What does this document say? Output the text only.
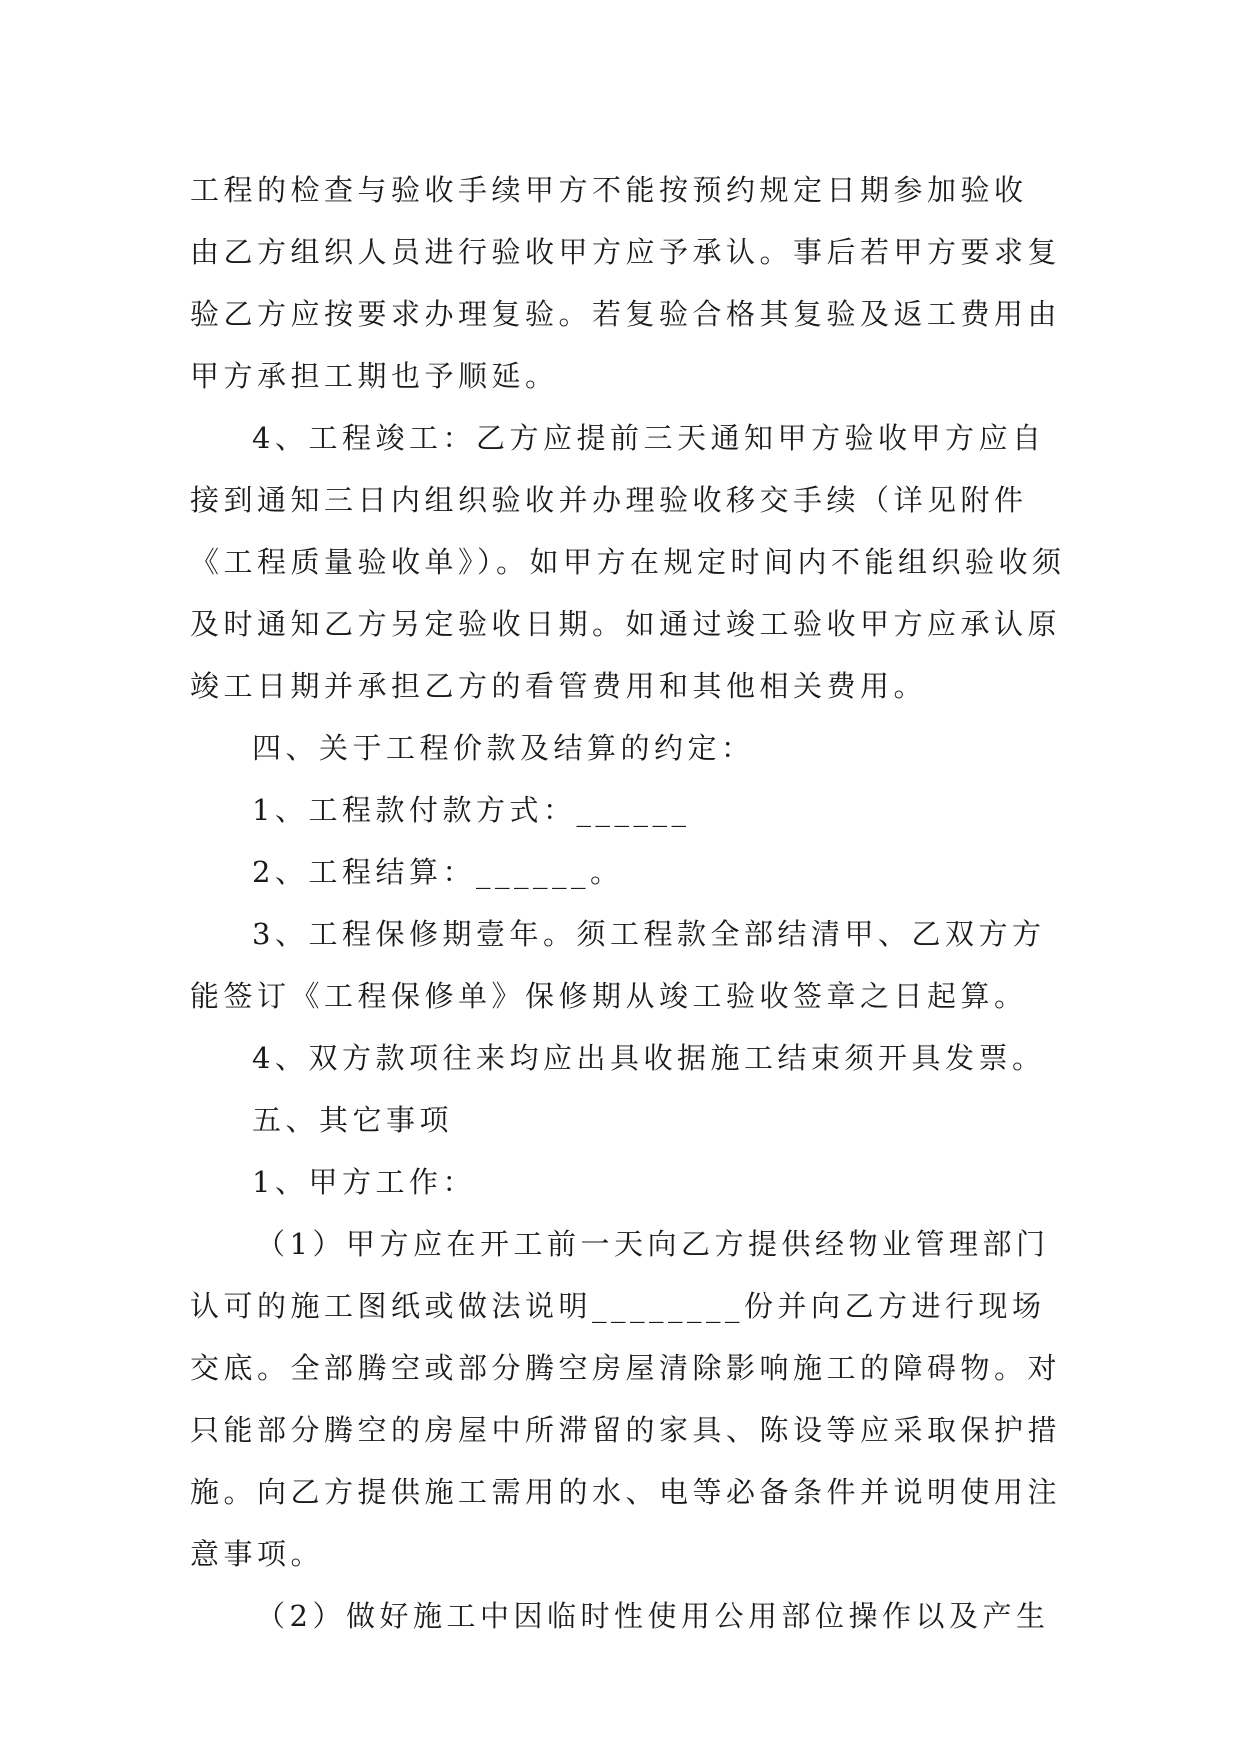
工程的检查与验收手续甲方不能按预约规定日期参加验收
由乙方组织人员进行验收甲方应予承认。事后若甲方要求复
验乙方应按要求办理复验。若复验合格其复验及返工费用由
甲方承担工期也予顺延。
4、工程竣工：乙方应提前三天通知甲方验收甲方应自
接到通知三日内组织验收并办理验收移交手续（详见附件
《工程质量验收单》）。如甲方在规定时间内不能组织验收须
及时通知乙方另定验收日期。如通过竣工验收甲方应承认原
竣工日期并承担乙方的看管费用和其他相关费用。
四、关于工程价款及结算的约定：
1、工程款付款方式：______
2、工程结算：______。
3、工程保修期壹年。须工程款全部结清甲、乙双方方
能签订《工程保修单》保修期从竣工验收签章之日起算。
4、双方款项往来均应出具收据施工结束须开具发票。
五、其它事项
1、甲方工作：
（1）甲方应在开工前一天向乙方提供经物业管理部门
认可的施工图纸或做法说明________份并向乙方进行现场
交底。全部腾空或部分腾空房屋清除影响施工的障碍物。对
只能部分腾空的房屋中所滞留的家具、陈设等应采取保护措
施。向乙方提供施工需用的水、电等必备条件并说明使用注
意事项。
（2）做好施工中因临时性使用公用部位操作以及产生
